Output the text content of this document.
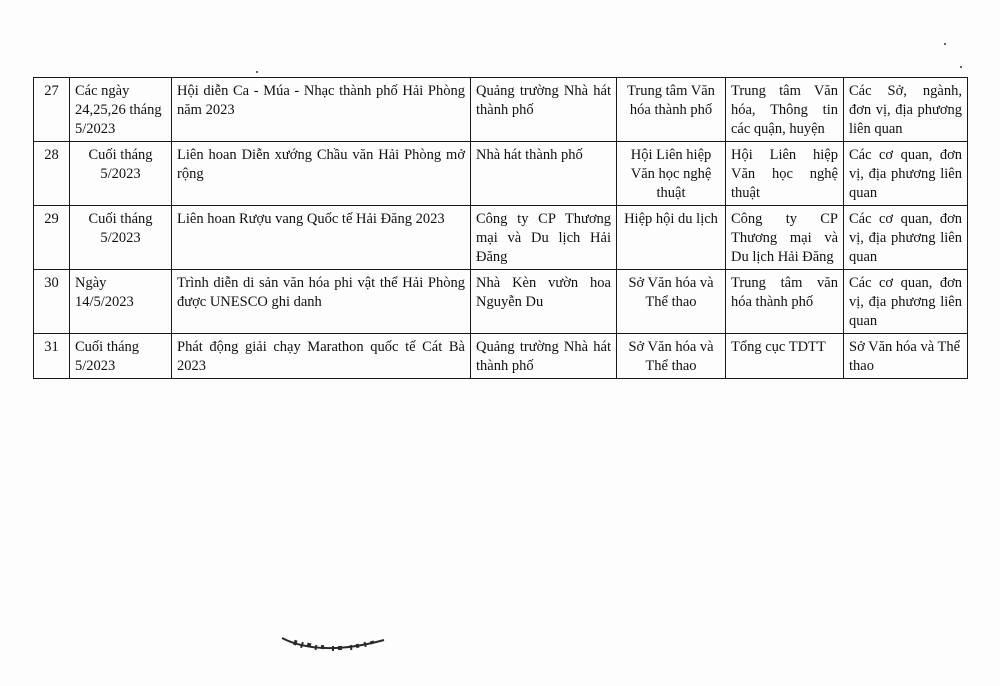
27	Các ngày 24,25,26 tháng 5/2023	Hội diễn Ca - Múa - Nhạc thành phố Hải Phòng năm 2023	Quảng trường Nhà hát thành phố	Trung tâm Văn hóa thành phố	Trung tâm Văn hóa, Thông tin các quận, huyện	Các Sở, ngành, đơn vị, địa phương liên quan
28	Cuối tháng 5/2023	Liên hoan Diễn xướng Chầu văn Hải Phòng mở rộng	Nhà hát thành phố	Hội Liên hiệp Văn học nghệ thuật	Hội Liên hiệp Văn học nghệ thuật	Các cơ quan, đơn vị, địa phương liên quan
29	Cuối tháng 5/2023	Liên hoan Rượu vang Quốc tế Hải Đăng 2023	Công ty CP Thương mại và Du lịch Hải Đăng	Hiệp hội du lịch	Công ty CP Thương mại và Du lịch Hải Đăng	Các cơ quan, đơn vị, địa phương liên quan
30	Ngày 14/5/2023	Trình diễn di sản văn hóa phi vật thể Hải Phòng được UNESCO ghi danh	Nhà Kèn vườn hoa Nguyễn Du	Sở Văn hóa và Thể thao	Trung tâm văn hóa thành phố	Các cơ quan, đơn vị, địa phương liên quan
31	Cuối tháng 5/2023	Phát động giải chạy Marathon quốc tế Cát Bà 2023	Quảng trường Nhà hát thành phố	Sở Văn hóa và Thể thao	Tổng cục TDTT	Sở Văn hóa và Thể thao
